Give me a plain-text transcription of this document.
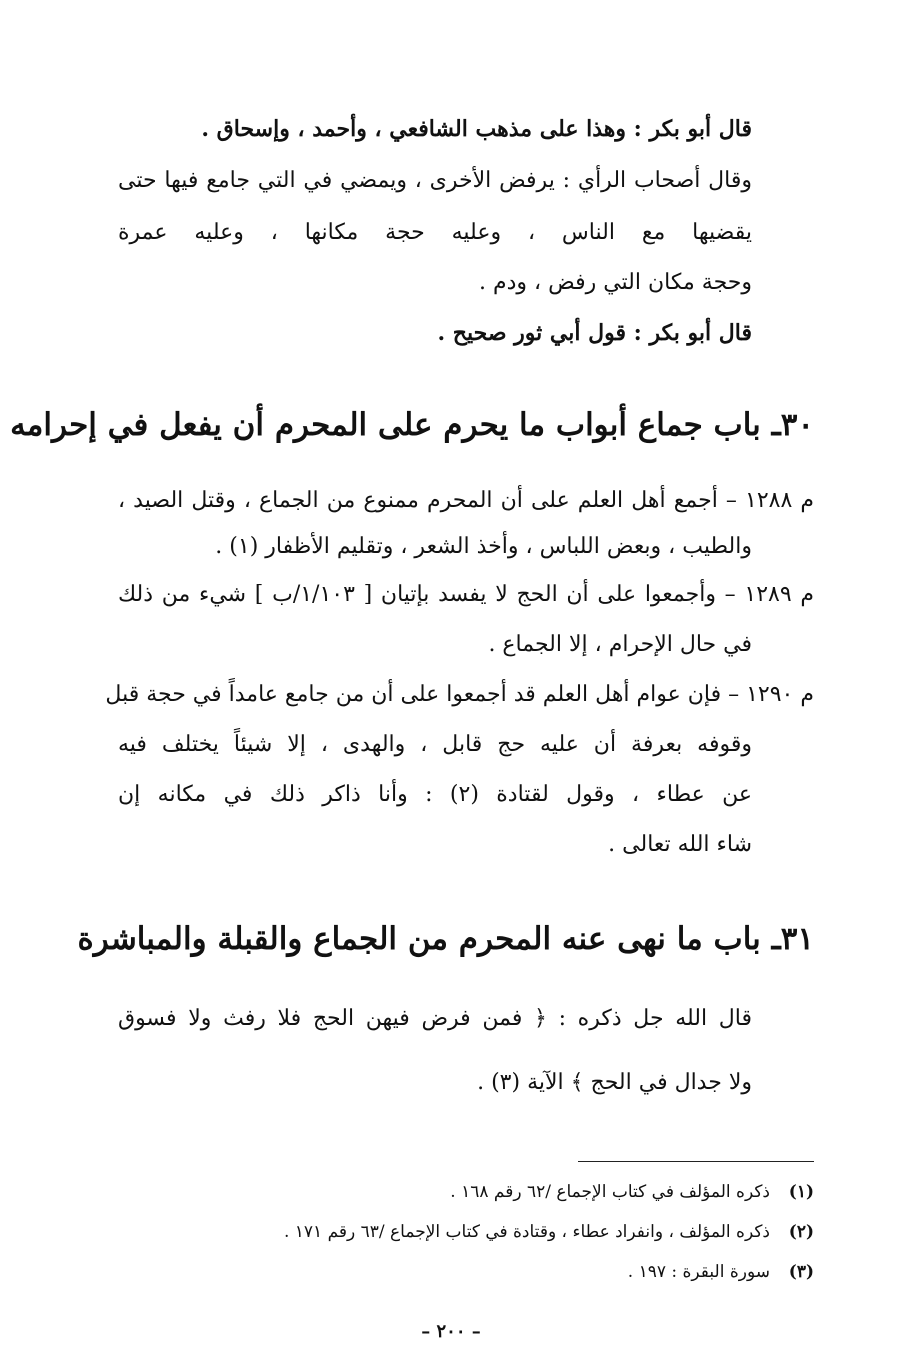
قال أبو بكر : وهذا على مذهب الشافعي ، وأحمد ، وإسحاق .
وقال أصحاب الرأي : يرفض الأخرى ، ويمضي في التي جامع فيها حتى
يقضيها مع الناس ، وعليه حجة مكانها ، وعليه عمرة
وحجة مكان التي رفض ، ودم .
قال أبو بكر : قول أبي ثور صحيح .
٣٠ـ باب جماع أبواب ما يحرم على المحرم أن يفعل في إحرامه
م ١٢٨٨ – أجمع أهل العلم على أن المحرم ممنوع من الجماع ، وقتل الصيد ،
والطيب ، وبعض اللباس ، وأخذ الشعر ، وتقليم الأظفار (١) .
م ١٢٨٩ – وأجمعوا على أن الحج لا يفسد بإتيان [ ١/١٠٣/ب ] شيء من ذلك
في حال الإحرام ، إلا الجماع .
م ١٢٩٠ – فإن عوام أهل العلم قد أجمعوا على أن من جامع عامداً في حجة قبل
وقوفه بعرفة أن عليه حج قابل ، والهدى ، إلا شيئاً يختلف فيه
عن عطاء ، وقول لقتادة (٢) : وأنا ذاكر ذلك في مكانه إن
شاء الله تعالى .
٣١ـ باب ما نهى عنه المحرم من الجماع والقبلة والمباشرة
قال الله جل ذكره : ﴿ فمن فرض فيهن الحج فلا رفث ولا فسوق
ولا جدال في الحج ﴾ الآية (٣) .
(١)ذكره المؤلف في كتاب الإجماع /٦٢ رقم ١٦٨ .
(٢)ذكره المؤلف ، وانفراد عطاء ، وقتادة في كتاب الإجماع /٦٣ رقم ١٧١ .
(٣)سورة البقرة : ١٩٧ .
– ٢٠٠ –
